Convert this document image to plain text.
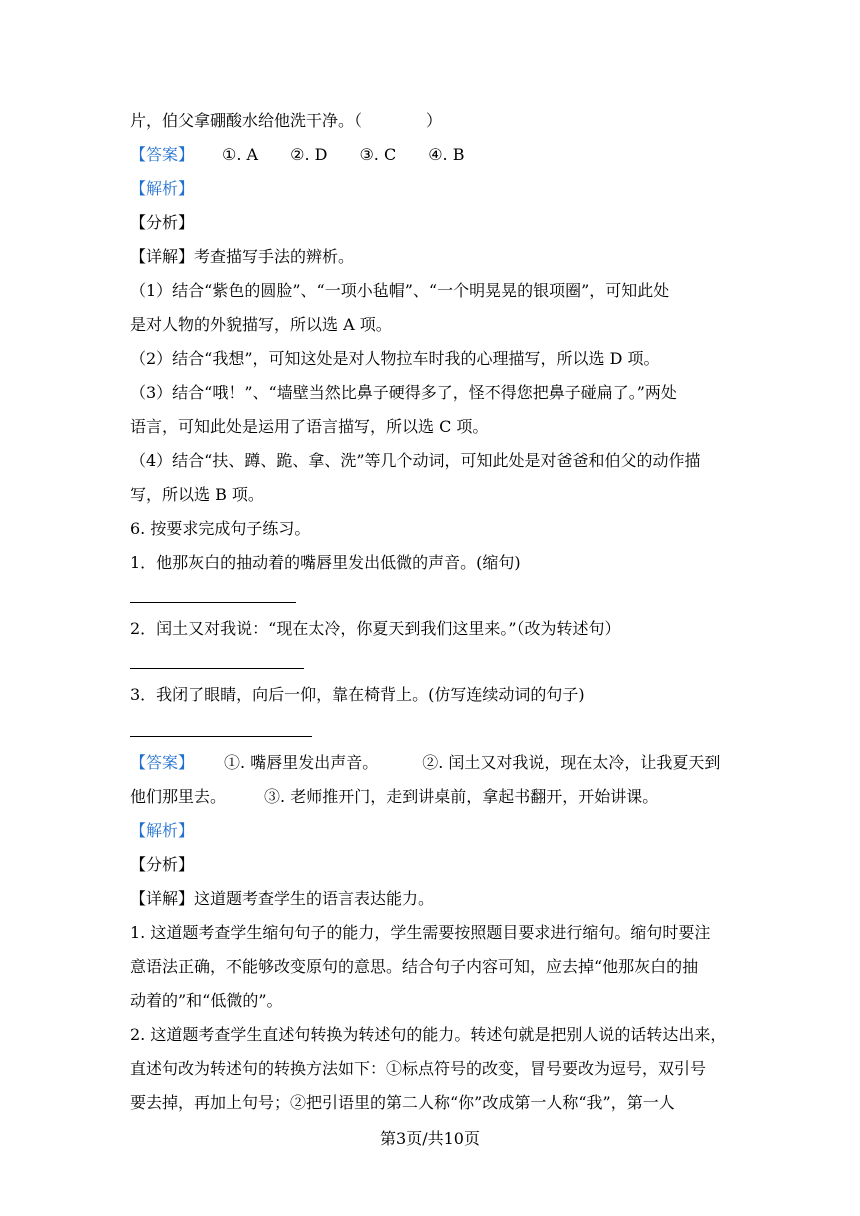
片，伯父拿硼酸水给他洗干净。（	）
【答案】 ①. A ②. D ③. C ④. B
【解析】
【分析】
【详解】考查描写手法的辨析。
（1）结合“紫色的圆脸”、“一项小毡帽”、“一个明晃晃的银项圈”，可知此处
是对人物的外貌描写，所以选 A 项。
（2）结合“我想”，可知这处是对人物拉车时我的心理描写，所以选 D 项。
（3）结合“哦！”、“墙壁当然比鼻子硬得多了，怪不得您把鼻子碰扁了。”两处
语言，可知此处是运用了语言描写，所以选 C 项。
（4）结合“扶、蹲、跪、拿、洗”等几个动词，可知此处是对爸爸和伯父的动作描
写，所以选 B 项。
6. 按要求完成句子练习。
1．他那灰白的抽动着的嘴唇里发出低微的声音。(缩句)
2．闰土又对我说：“现在太冷，你夏天到我们这里来。”（改为转述句）
3．我闭了眼睛，向后一仰，靠在椅背上。(仿写连续动词的句子)
【答案】 ①. 嘴唇里发出声音。	②. 闰土又对我说，现在太冷，让我夏天到
他们那里去。 ③. 老师推开门，走到讲桌前，拿起书翻开，开始讲课。
【解析】
【分析】
【详解】这道题考查学生的语言表达能力。
1. 这道题考查学生缩句句子的能力，学生需要按照题目要求进行缩句。缩句时要注
意语法正确，不能够改变原句的意思。结合句子内容可知，应去掉“他那灰白的抽
动着的”和“低微的”。
2. 这道题考查学生直述句转换为转述句的能力。转述句就是把别人说的话转达出来，
直述句改为转述句的转换方法如下：①标点符号的改变，冒号要改为逗号，双引号
要去掉，再加上句号；②把引语里的第二人称“你”改成第一人称“我”，第一人
第3页/共10页
